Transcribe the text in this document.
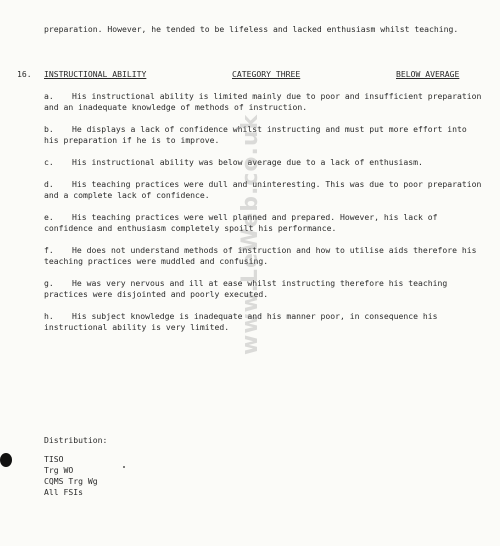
preparation. However, he tended to be lifeless and lacked enthusiasm whilst teaching.
16. INSTRUCTIONAL ABILITY	CATEGORY THREE	BELOW AVERAGE
a. His instructional ability is limited mainly due to poor and insufficient preparation and an inadequate knowledge of methods of instruction.
b. He displays a lack of confidence whilst instructing and must put more effort into his preparation if he is to improve.
c. His instructional ability was below average due to a lack of enthusiasm.
d. His teaching practices were dull and uninteresting. This was due to poor preparation and a complete lack of confidence.
e. His teaching practices were well planned and prepared. However, his lack of confidence and enthusiasm completely spoilt his performance.
f. He does not understand methods of instruction and how to utilise aids therefore his teaching practices were muddled and confusing.
g. He was very nervous and ill at ease whilst instructing therefore his teaching practices were disjointed and poorly executed.
h. His subject knowledge is inadequate and his manner poor, in consequence his instructional ability is very limited.
Distribution:
TISO
Trg WO
CQMS Trg Wg
All FSIs
www.LeWeb.co.uk
